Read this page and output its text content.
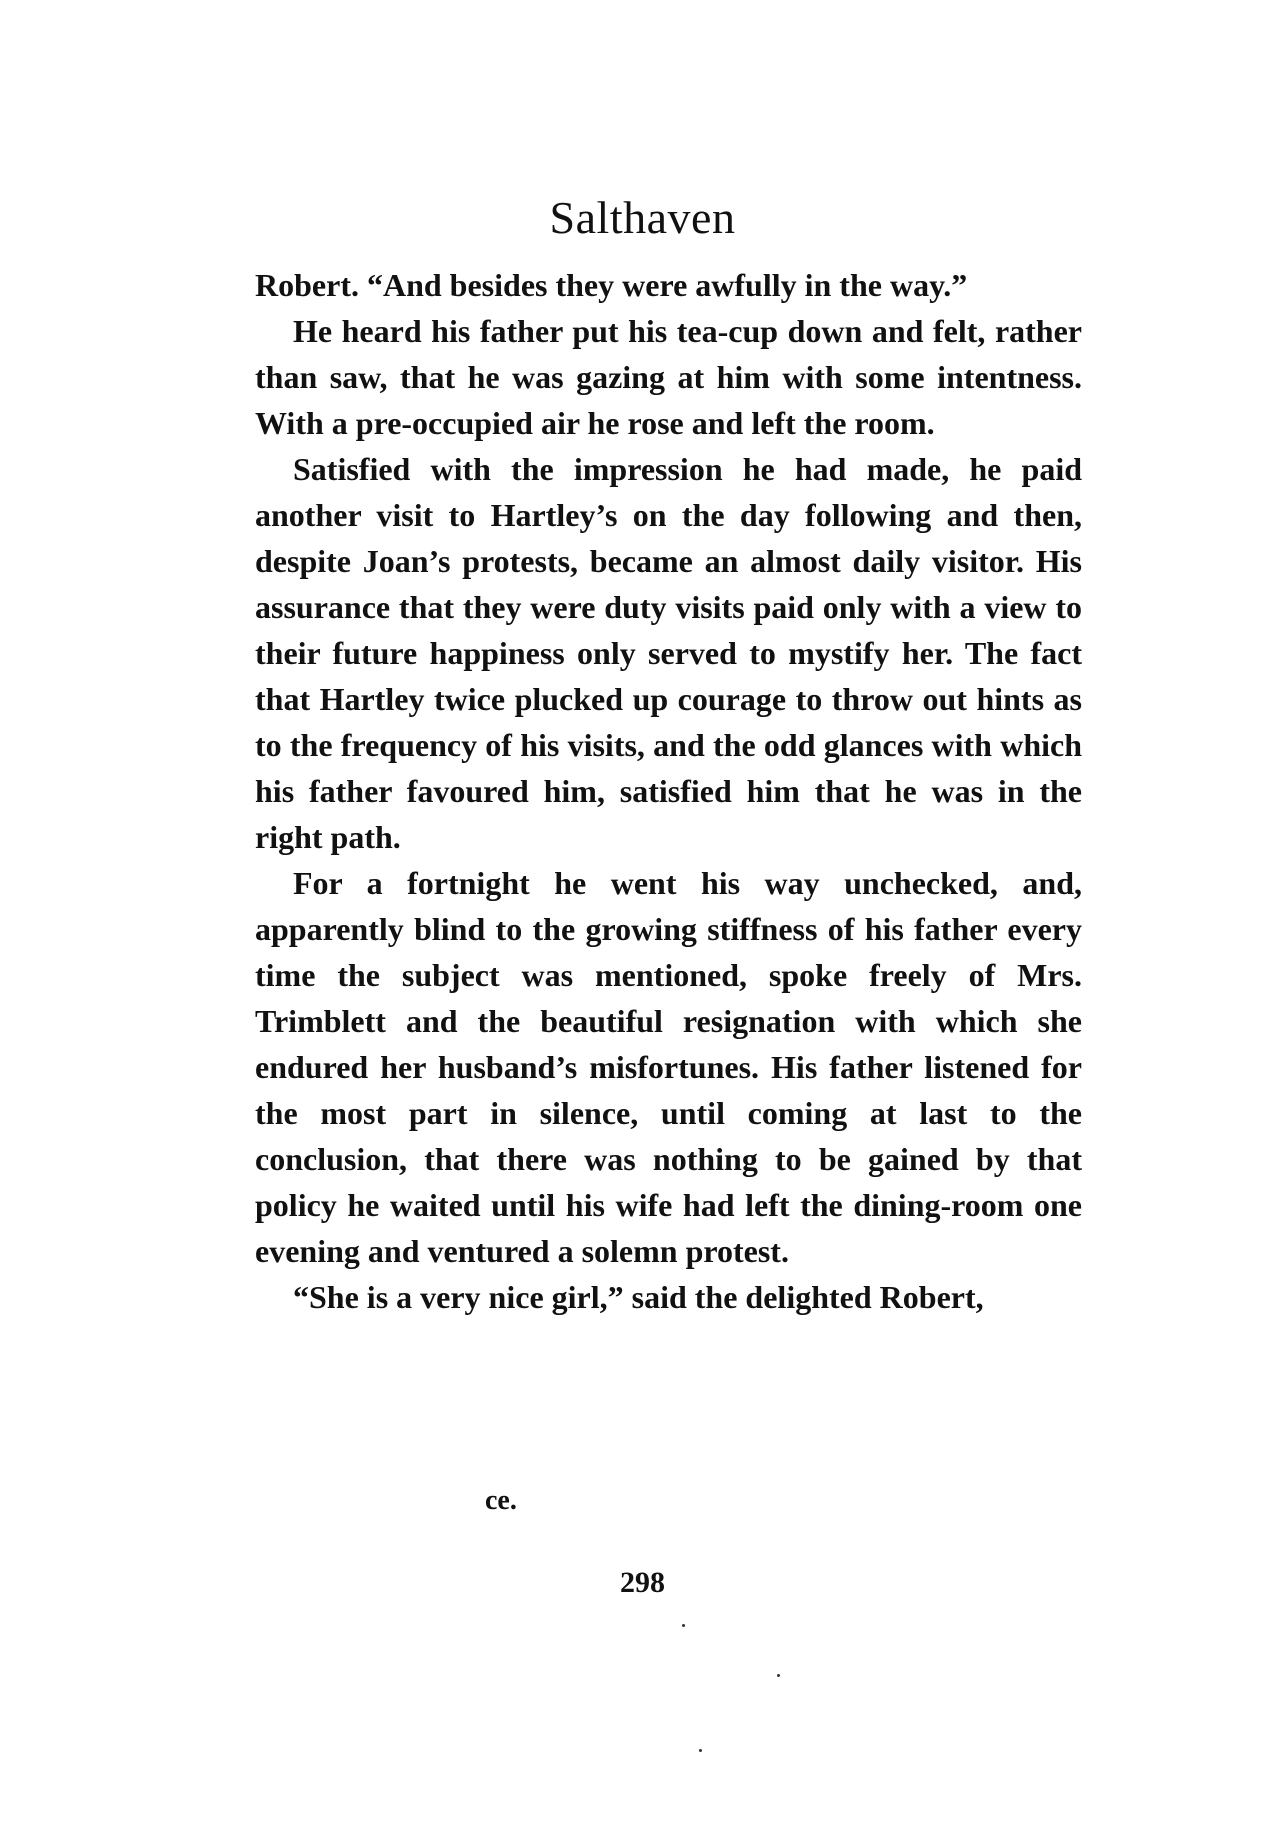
Salthaven

Robert. “And besides they were awfully in the way.”

He heard his father put his tea-cup down and felt, rather than saw, that he was gazing at him with some intentness. With a pre-occupied air he rose and left the room.

Satisfied with the impression he had made, he paid another visit to Hartley’s on the day following and then, despite Joan’s protests, became an almost daily visitor. His assurance that they were duty visits paid only with a view to their future happiness only served to mystify her. The fact that Hartley twice plucked up courage to throw out hints as to the frequency of his visits, and the odd glances with which his father favoured him, satisfied him that he was in the right path.

For a fortnight he went his way unchecked, and, apparently blind to the growing stiffness of his father every time the subject was mentioned, spoke freely of Mrs. Trimblett and the beautiful resignation with which she endured her husband’s misfortunes. His father listened for the most part in silence, until coming at last to the conclusion, that there was nothing to be gained by that policy he waited until his wife had left the dining-room one evening and ventured a solemn protest.

“She is a very nice girl,” said the delighted Robert,

ce.
298
